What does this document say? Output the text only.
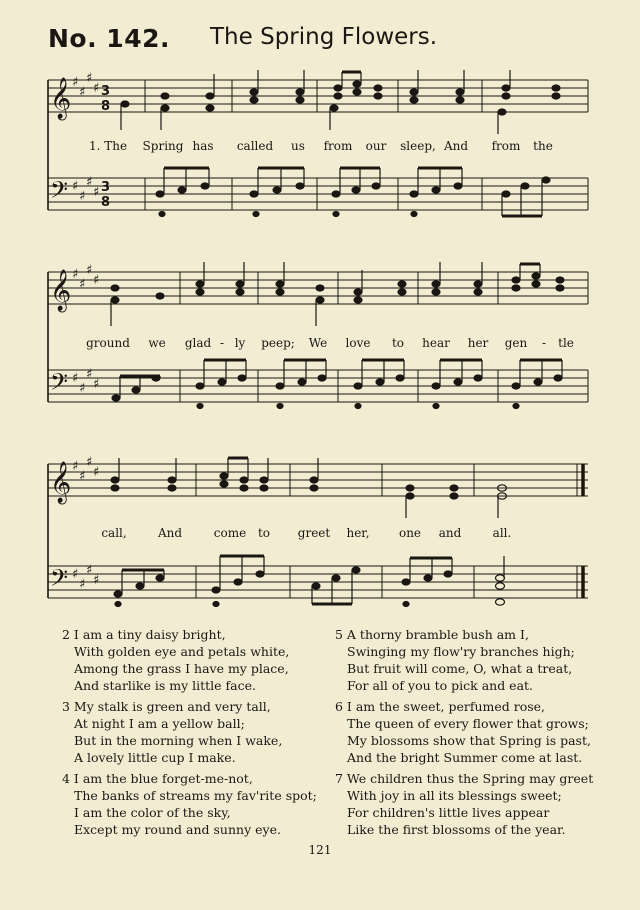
No. 142. The Spring Flowers.
𝄞
𝄢
♯
♯
♯
♯
♯
♯
♯
♯
3
8
3
8
1. The Spring has called us from our sleep, And from the
𝄞
𝄢
♯
♯
♯
♯
♯
♯
♯
♯
ground we glad - ly peep; We love to hear her gen - tle
𝄞
𝄢
♯
♯
♯
♯
♯
♯
♯
♯
call,	And	come to greet her, one and	all.
2 I am a tiny daisy bright,
With golden eye and petals white,
Among the grass I have my place,
And starlike is my little face.
3 My stalk is green and very tall,
At night I am a yellow ball;
But in the morning when I wake,
A lovely little cup I make.
4 I am the blue forget-me-not,
The banks of streams my fav'rite spot;
I am the color of the sky,
Except my round and sunny eye.
5 A thorny bramble bush am I,
Swinging my flow'ry branches high;
But fruit will come, O, what a treat,
For all of you to pick and eat.
6 I am the sweet, perfumed rose,
The queen of every flower that grows;
My blossoms show that Spring is past,
And the bright Summer come at last.
7 We children thus the Spring may greet
With joy in all its blessings sweet;
For children's little lives appear
Like the first blossoms of the year.
121
